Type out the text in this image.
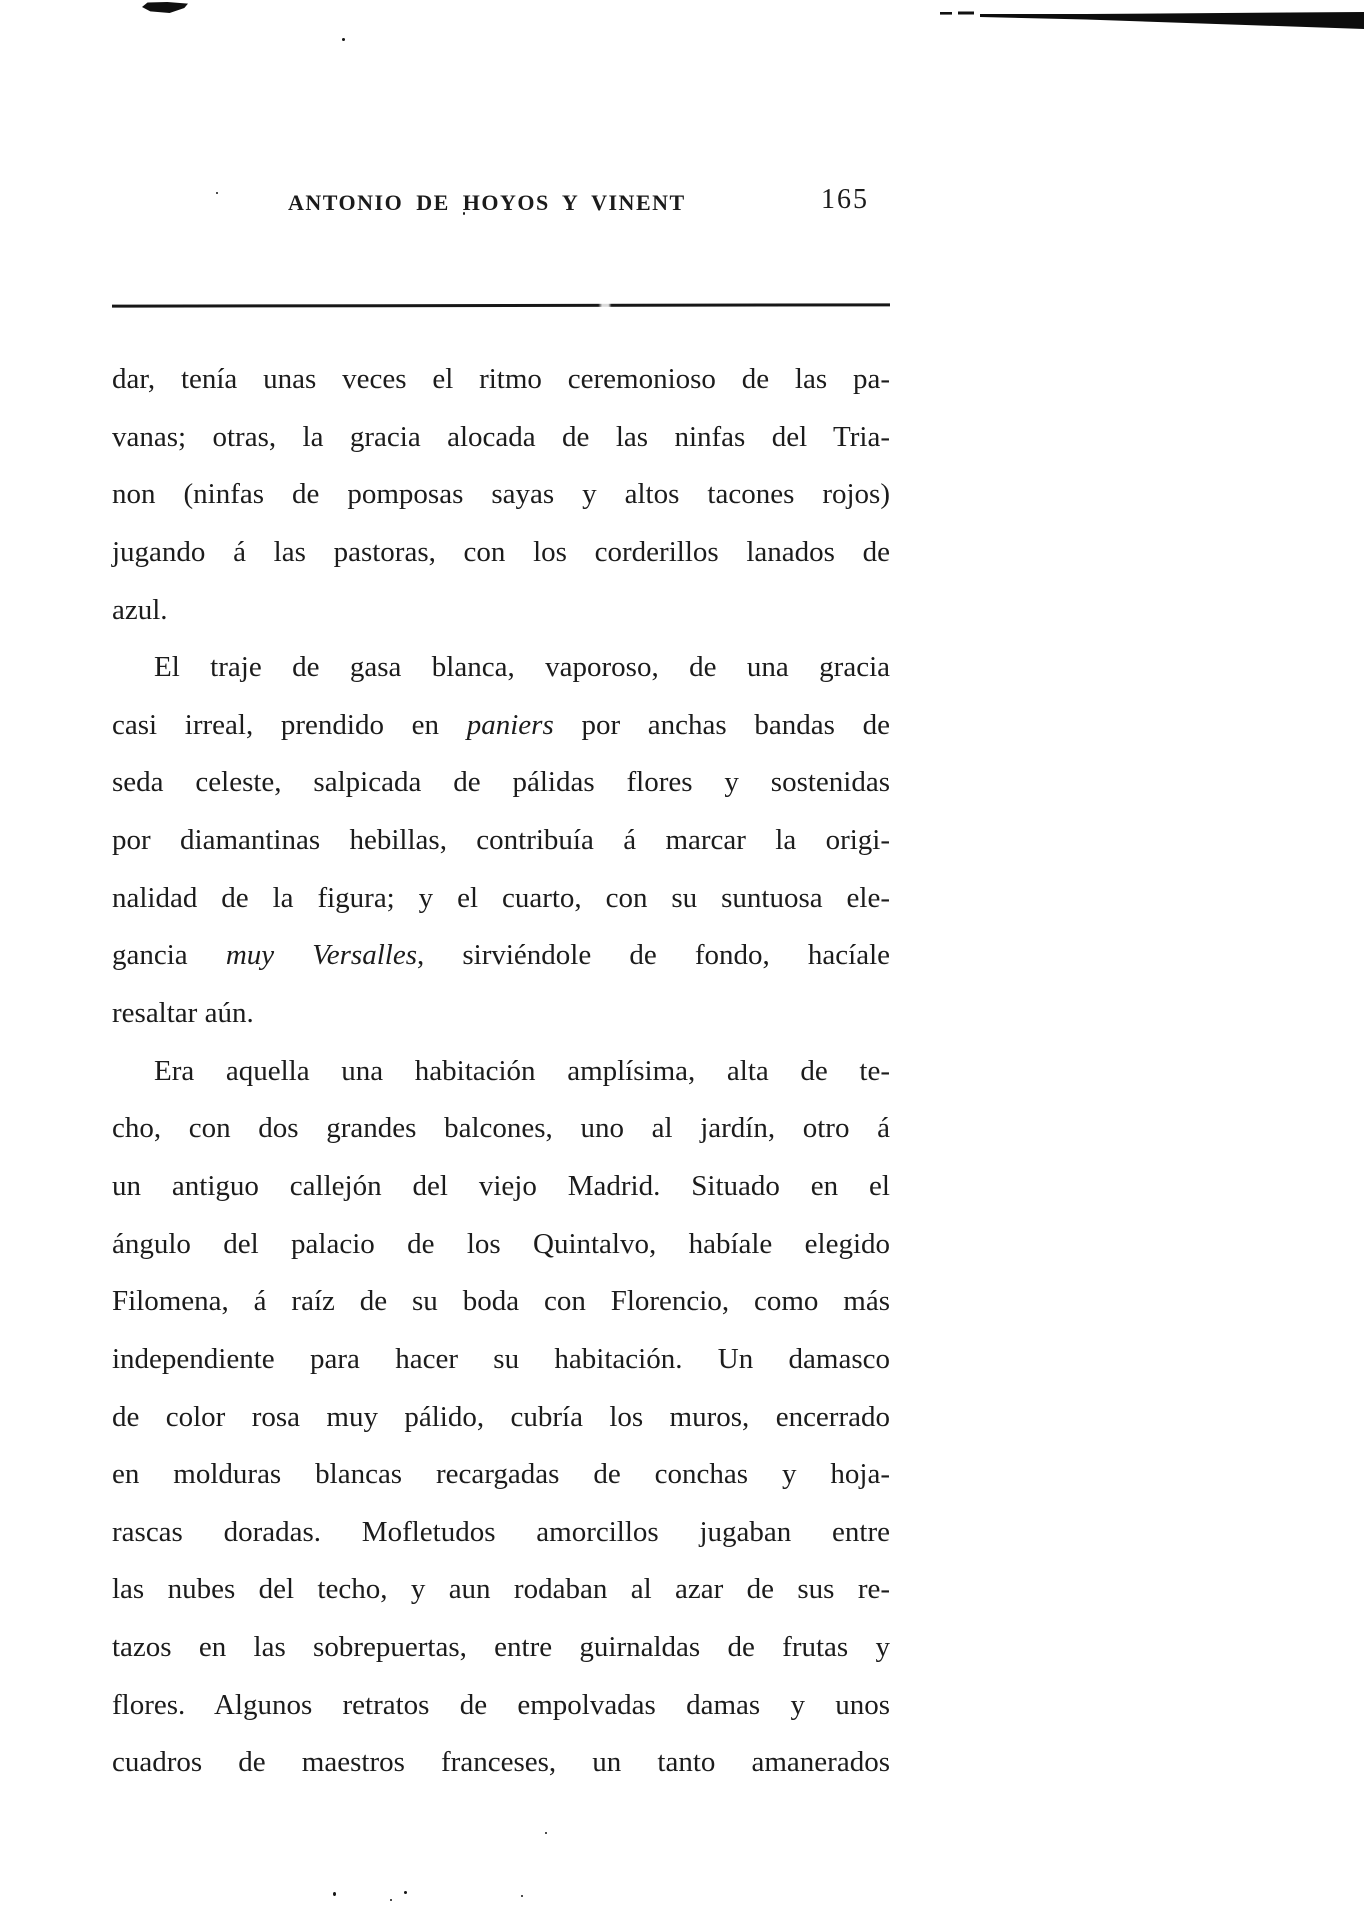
ANTONIO DE HOYOS Y VINENT	165
dar, tenía unas veces el ritmo ceremonioso de las pa-
vanas; otras, la gracia alocada de las ninfas del Tria-
non (ninfas de pomposas sayas y altos tacones rojos)
jugando á las pastoras, con los corderillos lanados de
azul.
El traje de gasa blanca, vaporoso, de una gracia
casi irreal, prendido en paniers por anchas bandas de
seda celeste, salpicada de pálidas flores y sostenidas
por diamantinas hebillas, contribuía á marcar la origi-
nalidad de la figura; y el cuarto, con su suntuosa ele-
gancia muy Versalles, sirviéndole de fondo, hacíale
resaltar aún.
Era aquella una habitación amplísima, alta de te-
cho, con dos grandes balcones, uno al jardín, otro á
un antiguo callejón del viejo Madrid. Situado en el
ángulo del palacio de los Quintalvo, habíale elegido
Filomena, á raíz de su boda con Florencio, como más
independiente para hacer su habitación. Un damasco
de color rosa muy pálido, cubría los muros, encerrado
en molduras blancas recargadas de conchas y hoja-
rascas doradas. Mofletudos amorcillos jugaban entre
las nubes del techo, y aun rodaban al azar de sus re-
tazos en las sobrepuertas, entre guirnaldas de frutas y
flores. Algunos retratos de empolvadas damas y unos
cuadros de maestros franceses, un tanto amanerados
